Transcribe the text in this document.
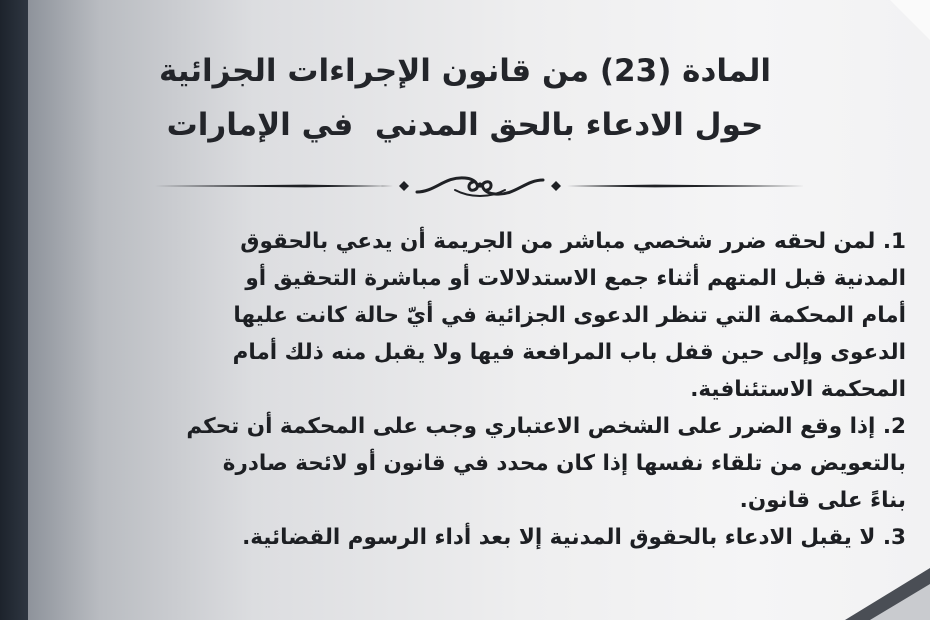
المادة (23) من قانون الإجراءات الجزائية
حول الادعاء بالحق المدني  في الإمارات
1. لمن لحقه ضرر شخصي مباشر من الجريمة أن يدعي بالحقوق
المدنية قبل المتهم أثناء جمع الاستدلالات أو مباشرة التحقيق أو
أمام المحكمة التي تنظر الدعوى الجزائية في أيّ حالة كانت عليها
الدعوى وإلى حين قفل باب المرافعة فيها ولا يقبل منه ذلك أمام
المحكمة الاستئنافية.
2. إذا وقع الضرر على الشخص الاعتباري وجب على المحكمة أن تحكم
بالتعويض من تلقاء نفسها إذا كان محدد في قانون أو لائحة صادرة
بناءً على قانون.
3. لا يقبل الادعاء بالحقوق المدنية إلا بعد أداء الرسوم القضائية.
